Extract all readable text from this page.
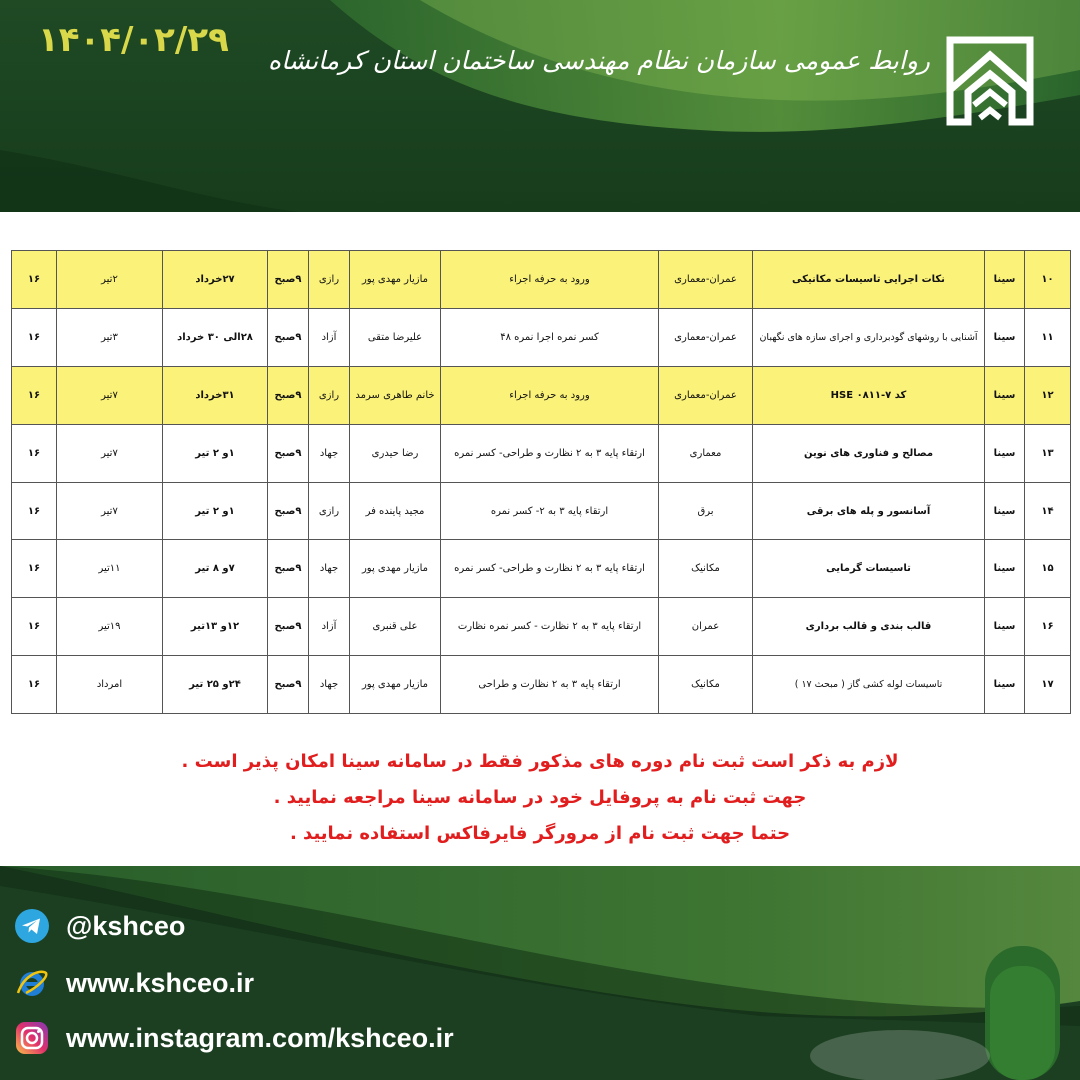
۱۴۰۴/۰۲/۲۹
روابط عمومی سازمان نظام مهندسی ساختمان استان کرمانشاه
۱۰	سینا	نکات اجرایی تاسیسات مکانیکی	عمران-معماری	ورود به حرفه اجراء	مازیار مهدی پور	رازی	۹صبح	۲۷خرداد	۲تیر	۱۶
۱۱	سینا	آشنایی با روشهای گودبرداری و اجرای سازه های نگهبان	عمران-معماری	کسر نمره اجرا نمره ۴۸	علیرضا متقی	آزاد	۹صبح	۲۸الی ۳۰ خرداد	۳تیر	۱۶
۱۲	سینا	کد ۷-۰۸۱۱ HSE	عمران-معماری	ورود به حرفه اجراء	خانم طاهری سرمد	رازی	۹صبح	۳۱خرداد	۷تیر	۱۶
۱۳	سینا	مصالح و فناوری های نوین	معماری	ارتقاء پایه ۳ به ۲ نظارت و طراحی- کسر نمره	رضا حیدری	جهاد	۹صبح	۱و ۲ تیر	۷تیر	۱۶
۱۴	سینا	آسانسور و پله های برقی	برق	ارتقاء پایه ۳ به ۲- کسر نمره	مجید پاینده فر	رازی	۹صبح	۱و ۲ تیر	۷تیر	۱۶
۱۵	سینا	تاسیسات گرمایی	مکانیک	ارتقاء پایه ۳ به ۲ نظارت و طراحی- کسر نمره	مازیار مهدی پور	جهاد	۹صبح	۷و ۸ تیر	۱۱تیر	۱۶
۱۶	سینا	قالب بندی و قالب برداری	عمران	ارتقاء پایه ۳ به ۲ نظارت - کسر نمره نظارت	علی قنبری	آزاد	۹صبح	۱۲و ۱۳تیر	۱۹تیر	۱۶
۱۷	سینا	تاسیسات لوله کشی گاز ( مبحث ۱۷ )	مکانیک	ارتقاء پایه ۳ به ۲ نظارت و طراحی	مازیار مهدی پور	جهاد	۹صبح	۲۴و ۲۵ تیر	امرداد	۱۶
لازم به ذکر است ثبت نام دوره های مذکور فقط در سامانه سینا امکان پذیر است .
جهت ثبت نام به پروفایل خود در سامانه سینا مراجعه نمایید .
حتما جهت ثبت نام از مرورگر فایرفاکس استفاده نمایید .
@kshceo
www.kshceo.ir
www.instagram.com/kshceo.ir
